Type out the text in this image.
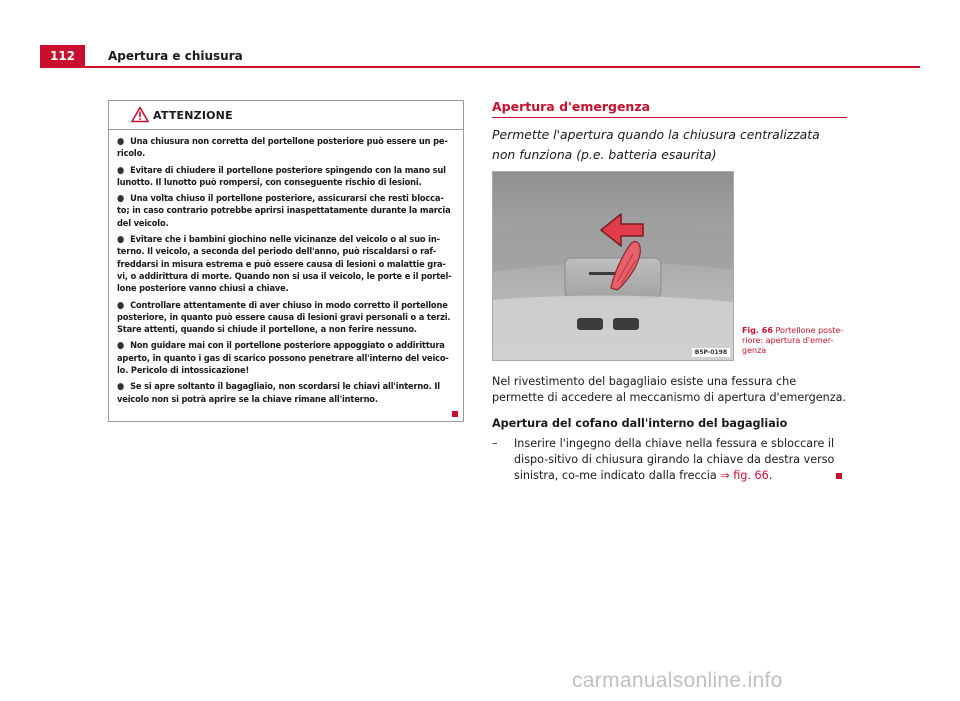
112	Apertura e chiusura
ATTENZIONE
● Una chiusura non corretta del portellone posteriore può essere un pe-ricolo.
● Evitare di chiudere il portellone posteriore spingendo con la mano sul lunotto. Il lunotto può rompersi, con conseguente rischio di lesioni.
● Una volta chiuso il portellone posteriore, assicurarsi che resti blocca-to; in caso contrario potrebbe aprirsi inaspettatamente durante la marcia del veicolo.
● Evitare che i bambini giochino nelle vicinanze del veicolo o al suo in-terno. Il veicolo, a seconda del periodo dell'anno, può riscaldarsi o raf-freddarsi in misura estrema e può essere causa di lesioni o malattie gra-vi, o addirittura di morte. Quando non si usa il veicolo, le porte e il portel-lone posteriore vanno chiusi a chiave.
● Controllare attentamente di aver chiuso in modo corretto il portellone posteriore, in quanto può essere causa di lesioni gravi personali o a terzi. Stare attenti, quando si chiude il portellone, a non ferire nessuno.
● Non guidare mai con il portellone posteriore appoggiato o addirittura aperto, in quanto i gas di scarico possono penetrare all'interno del veico-lo. Pericolo di intossicazione!
● Se si apre soltanto il bagagliaio, non scordarsi le chiavi all'interno. Il veicolo non si potrà aprire se la chiave rimane all'interno.
Apertura d'emergenza
Permette l'apertura quando la chiusura centralizzata non funziona (p.e. batteria esaurita)
B5P-0198
Fig. 66 Portellone poste-riore: apertura d'emer-genza
Nel rivestimento del bagagliaio esiste una fessura che permette di accedere al meccanismo di apertura d'emergenza.
Apertura del cofano dall'interno del bagagliaio
–	Inserire l'ingegno della chiave nella fessura e sbloccare il dispo-sitivo di chiusura girando la chiave da destra verso sinistra, co-me indicato dalla freccia ⇒ fig. 66.
carmanualsonline.info
